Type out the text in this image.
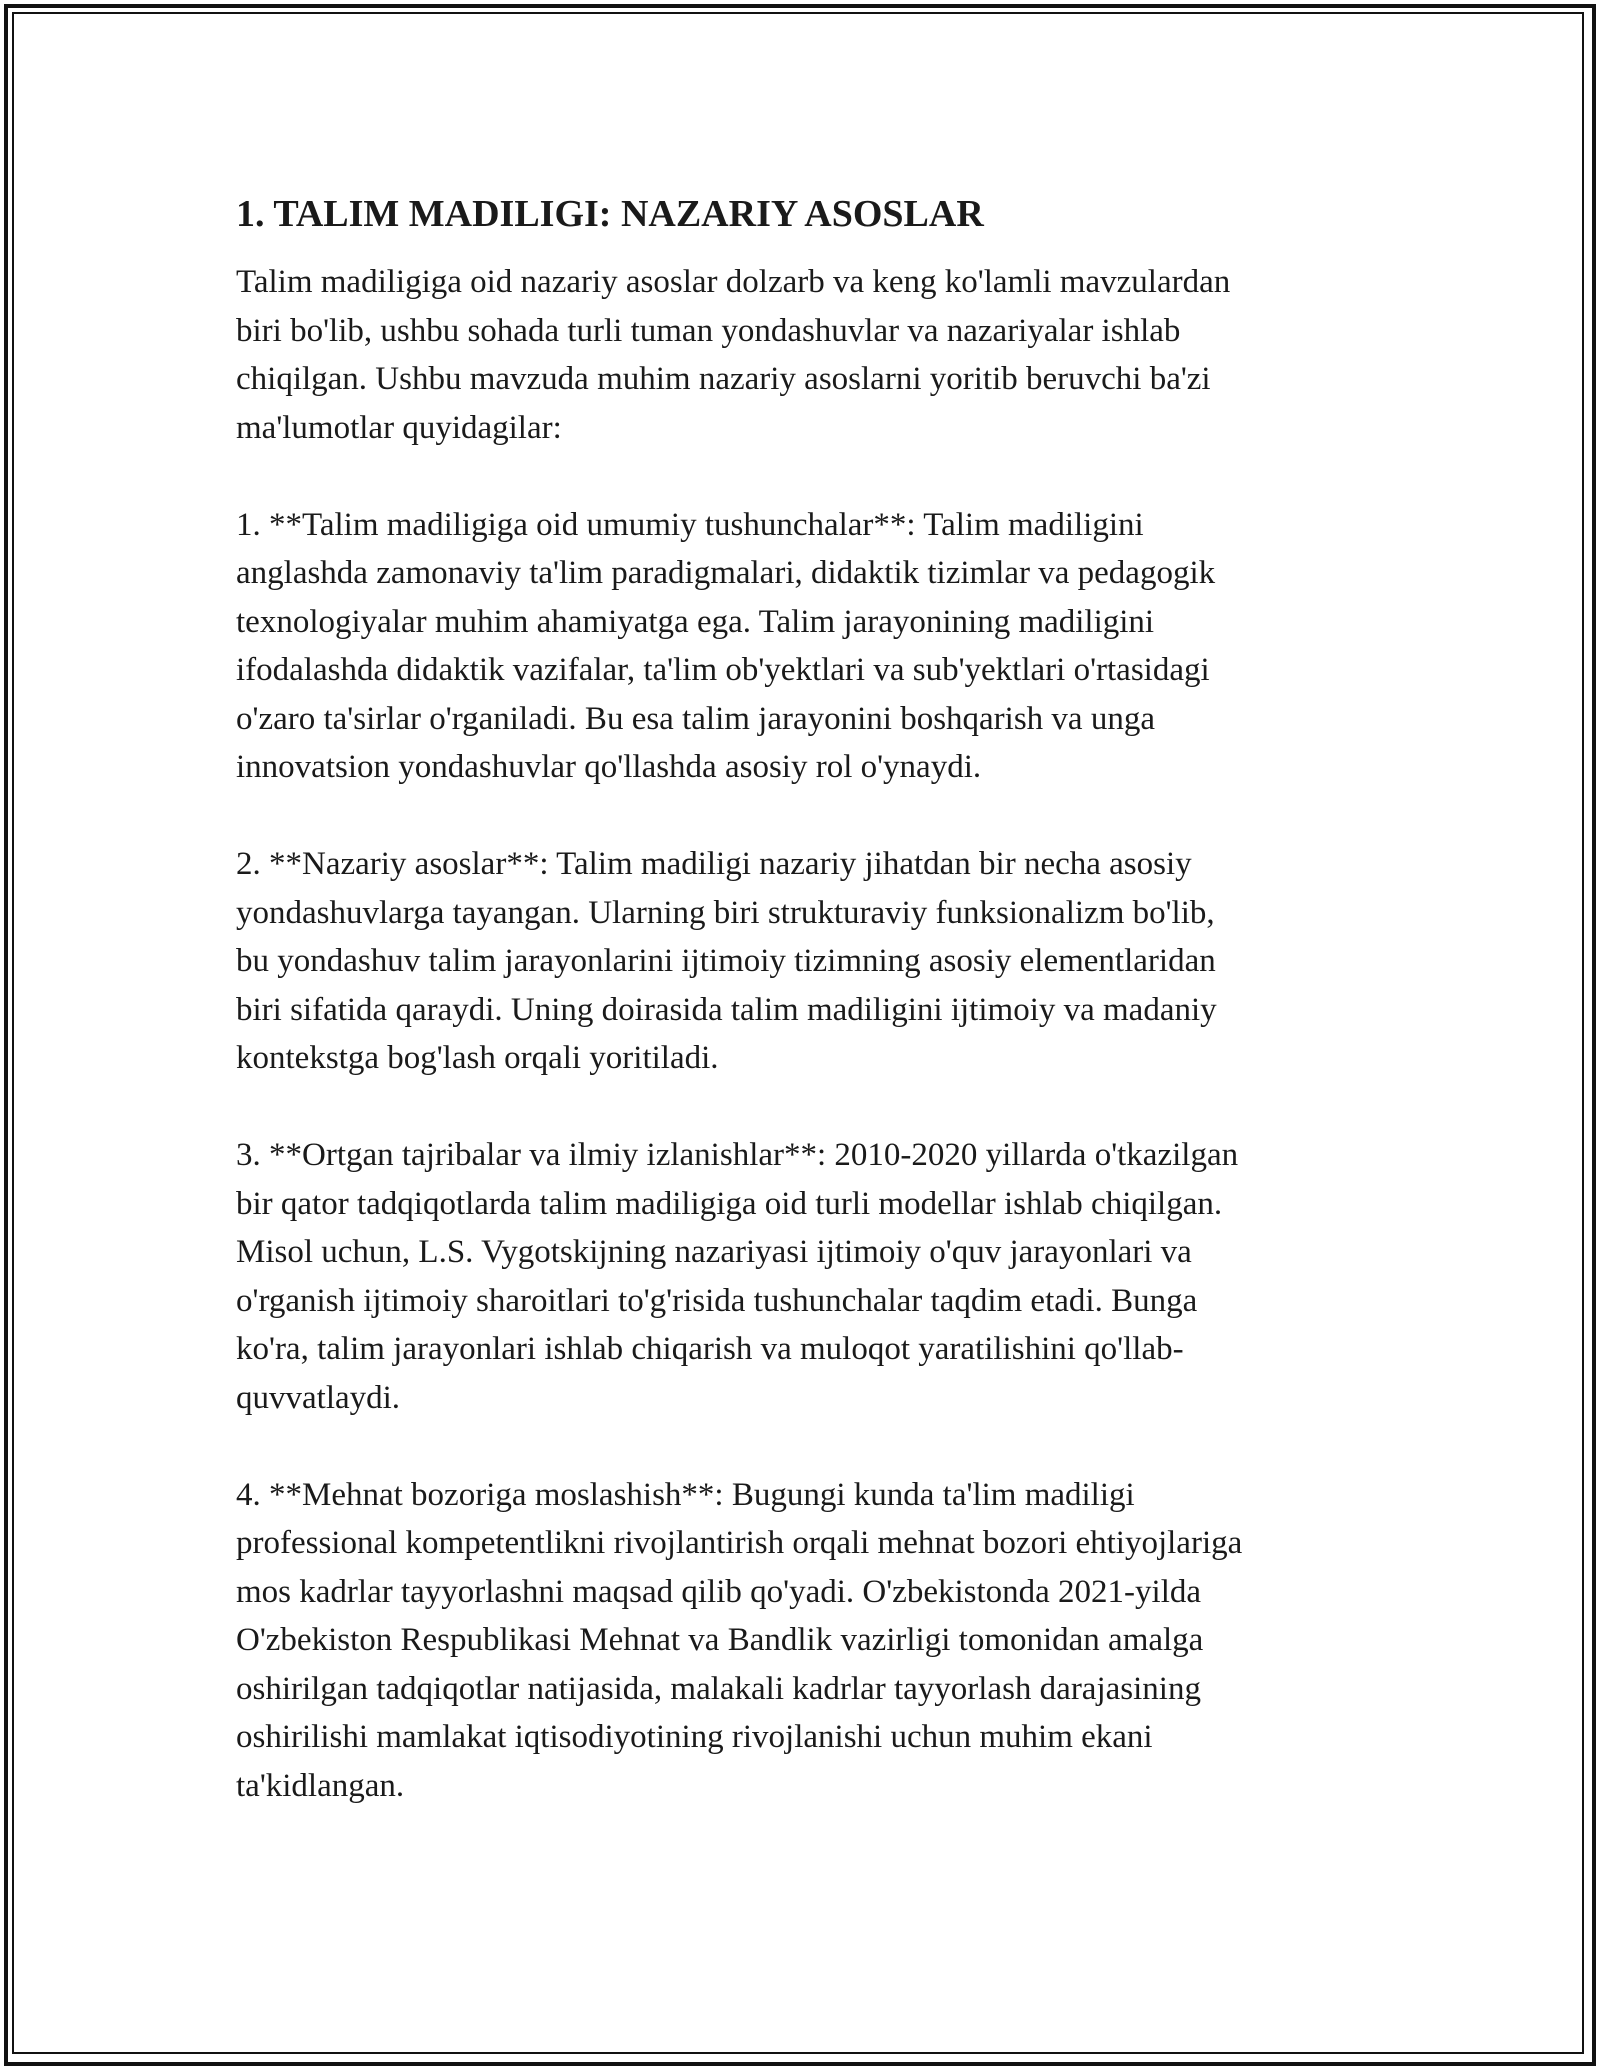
1. TALIM MADILIGI: NAZARIY ASOSLAR

Talim madiligiga oid nazariy asoslar dolzarb va keng ko'lamli mavzulardan
biri bo'lib, ushbu sohada turli tuman yondashuvlar va nazariyalar ishlab
chiqilgan. Ushbu mavzuda muhim nazariy asoslarni yoritib beruvchi ba'zi
ma'lumotlar quyidagilar:

1. **Talim madiligiga oid umumiy tushunchalar**: Talim madiligini
anglashda zamonaviy ta'lim paradigmalari, didaktik tizimlar va pedagogik
texnologiyalar muhim ahamiyatga ega. Talim jarayonining madiligini
ifodalashda didaktik vazifalar, ta'lim ob'yektlari va sub'yektlari o'rtasidagi
o'zaro ta'sirlar o'rganiladi. Bu esa talim jarayonini boshqarish va unga
innovatsion yondashuvlar qo'llashda asosiy rol o'ynaydi.

2. **Nazariy asoslar**: Talim madiligi nazariy jihatdan bir necha asosiy
yondashuvlarga tayangan. Ularning biri strukturaviy funksionalizm bo'lib,
bu yondashuv talim jarayonlarini ijtimoiy tizimning asosiy elementlaridan
biri sifatida qaraydi. Uning doirasida talim madiligini ijtimoiy va madaniy
kontekstga bog'lash orqali yoritiladi.

3. **Ortgan tajribalar va ilmiy izlanishlar**: 2010-2020 yillarda o'tkazilgan
bir qator tadqiqotlarda talim madiligiga oid turli modellar ishlab chiqilgan.
Misol uchun, L.S. Vygotskijning nazariyasi ijtimoiy o'quv jarayonlari va
o'rganish ijtimoiy sharoitlari to'g'risida tushunchalar taqdim etadi. Bunga
ko'ra, talim jarayonlari ishlab chiqarish va muloqot yaratilishini qo'llab-
quvvatlaydi.

4. **Mehnat bozoriga moslashish**: Bugungi kunda ta'lim madiligi
professional kompetentlikni rivojlantirish orqali mehnat bozori ehtiyojlariga
mos kadrlar tayyorlashni maqsad qilib qo'yadi. O'zbekistonda 2021-yilda
O'zbekiston Respublikasi Mehnat va Bandlik vazirligi tomonidan amalga
oshirilgan tadqiqotlar natijasida, malakali kadrlar tayyorlash darajasining
oshirilishi mamlakat iqtisodiyotining rivojlanishi uchun muhim ekani
ta'kidlangan.
